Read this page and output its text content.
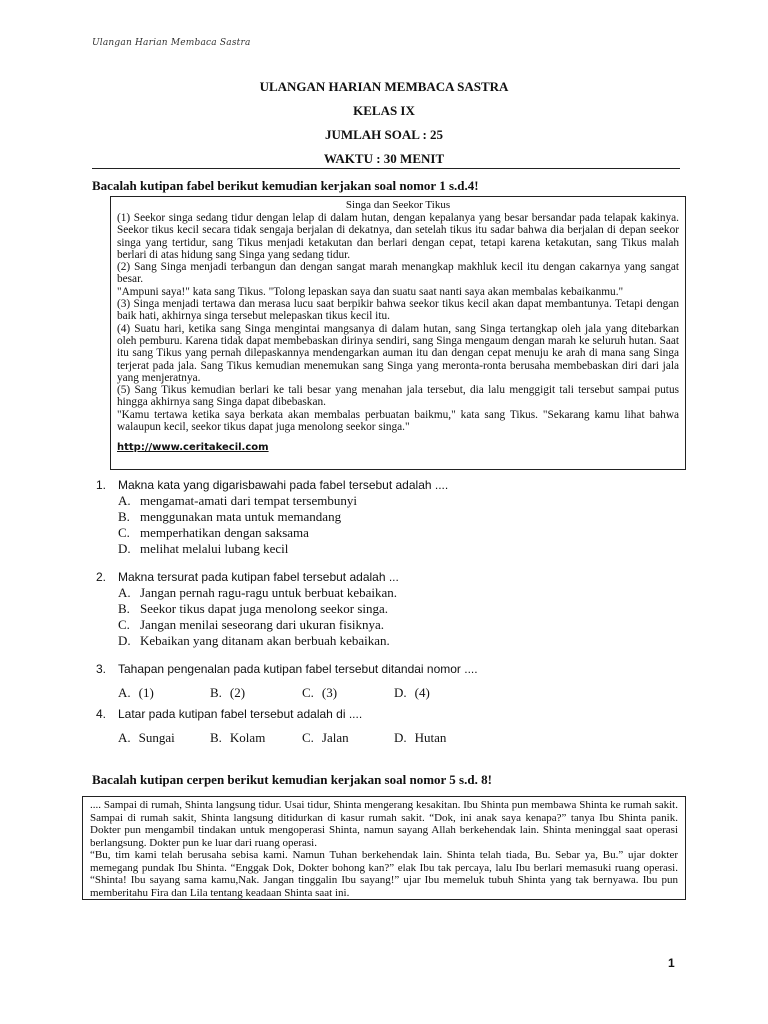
Ulangan Harian Membaca Sastra
ULANGAN HARIAN MEMBACA SASTRA
KELAS IX
JUMLAH SOAL : 25
WAKTU : 30 MENIT
Bacalah kutipan fabel berikut kemudian kerjakan soal nomor 1 s.d.4!
Singa dan Seekor Tikus

(1) Seekor singa sedang tidur dengan lelap di dalam hutan, dengan kepalanya yang besar bersandar pada telapak kakinya. Seekor tikus kecil secara tidak sengaja berjalan di dekatnya, dan setelah tikus itu sadar bahwa dia berjalan di depan seekor singa yang tertidur, sang Tikus menjadi ketakutan dan berlari dengan cepat, tetapi karena ketakutan, sang Tikus malah berlari di atas hidung sang Singa yang sedang tidur.

(2) Sang Singa menjadi terbangun dan dengan sangat marah menangkap makhluk kecil itu dengan cakarnya yang sangat besar.

"Ampuni saya!" kata sang Tikus. "Tolong lepaskan saya dan suatu saat nanti saya akan membalas kebaikanmu."

(3) Singa menjadi tertawa dan merasa lucu saat berpikir bahwa seekor tikus kecil akan dapat membantunya. Tetapi dengan baik hati, akhirnya singa tersebut melepaskan tikus kecil itu.

(4) Suatu hari, ketika sang Singa mengintai mangsanya di dalam hutan, sang Singa tertangkap oleh jala yang ditebarkan oleh pemburu. Karena tidak dapat membebaskan dirinya sendiri, sang Singa mengaum dengan marah ke seluruh hutan. Saat itu sang Tikus yang pernah dilepaskannya mendengarkan auman itu dan dengan cepat menuju ke arah di mana sang Singa terjerat pada jala. Sang Tikus kemudian menemukan sang Singa yang meronta-ronta berusaha membebaskan diri dari jala yang menjeratnya.

(5) Sang Tikus kemudian berlari ke tali besar yang menahan jala tersebut, dia lalu menggigit tali tersebut sampai putus hingga akhirnya sang Singa dapat dibebaskan.

"Kamu tertawa ketika saya berkata akan membalas perbuatan baikmu," kata sang Tikus. "Sekarang kamu lihat bahwa walaupun kecil, seekor tikus dapat juga menolong seekor singa."

http://www.ceritakecil.com
1. Makna kata yang digarisbawahi pada fabel tersebut adalah ....
A. mengamat-amati dari tempat tersembunyi
B. menggunakan mata untuk memandang
C. memperhatikan dengan saksama
D. melihat melalui lubang kecil
2. Makna tersurat pada kutipan fabel tersebut adalah ...
A. Jangan pernah ragu-ragu untuk berbuat kebaikan.
B. Seekor tikus dapat juga menolong seekor singa.
C. Jangan menilai seseorang dari ukuran fisiknya.
D. Kebaikan yang ditanam akan berbuah kebaikan.
3. Tahapan pengenalan pada kutipan fabel tersebut ditandai nomor ....
A. (1)	B. (2)	C. (3)	D. (4)
4. Latar pada kutipan fabel tersebut adalah di ....
A. Sungai	B. Kolam	C. Jalan	D. Hutan
Bacalah kutipan cerpen berikut kemudian kerjakan soal nomor 5 s.d. 8!

.... Sampai di rumah, Shinta langsung tidur. Usai tidur, Shinta mengerang kesakitan. Ibu Shinta pun membawa Shinta ke rumah sakit. Sampai di rumah sakit, Shinta langsung ditidurkan di kasur rumah sakit. “Dok, ini anak saya kenapa?” tanya Ibu Shinta panik. Dokter pun mengambil tindakan untuk mengoperasi Shinta, namun sayang Allah berkehendak lain. Shinta meninggal saat operasi berlangsung. Dokter pun ke luar dari ruang operasi.

“Bu, tim kami telah berusaha sebisa kami. Namun Tuhan berkehendak lain. Shinta telah tiada, Bu. Sebar ya, Bu.” ujar dokter memegang pundak Ibu Shinta. “Enggak Dok, Dokter bohong kan?” elak Ibu tak percaya, lalu Ibu berlari memasuki ruang operasi. “Shinta! Ibu sayang sama kamu,Nak. Jangan tinggalin Ibu sayang!” ujar Ibu memeluk tubuh Shinta yang tak bernyawa. Ibu pun memberitahu Fira dan Lila tentang keadaan Shinta saat ini.

1
